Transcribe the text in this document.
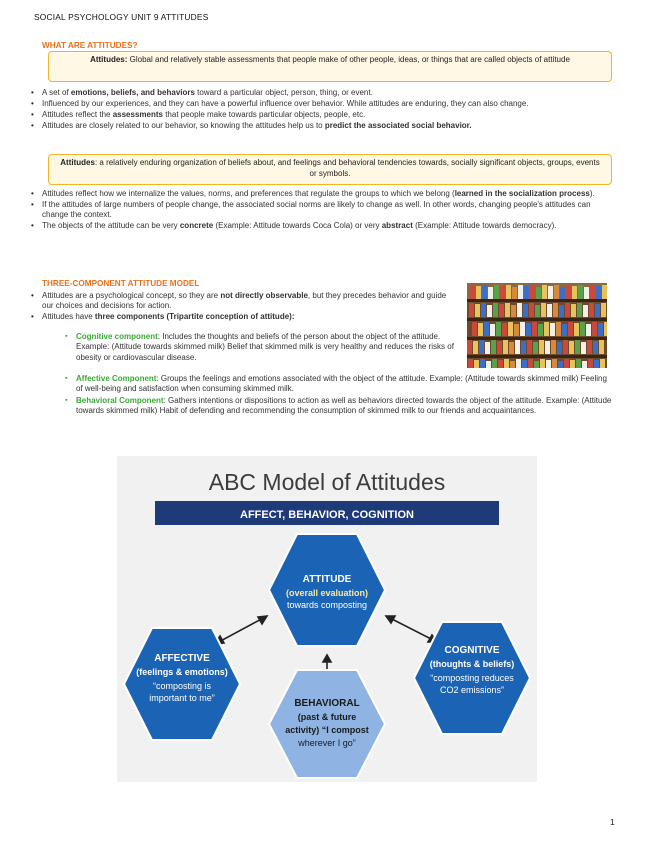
SOCIAL PSYCHOLOGY UNIT 9 ATTITUDES
WHAT ARE ATTITUDES?
Attitudes: Global and relatively stable assessments that people make of other people, ideas, or things that are called objects of attitude
• A set of emotions, beliefs, and behaviors toward a particular object, person, thing, or event.
• Influenced by our experiences, and they can have a powerful influence over behavior. While attitudes are enduring, they can also change.
• Attitudes reflect the assessments that people make towards particular objects, people, etc.
• Attitudes are closely related to our behavior, so knowing the attitudes help us to predict the associated social behavior.
Attitudes: a relatively enduring organization of beliefs about, and feelings and behavioral tendencies towards, socially significant objects, groups, events or symbols.
• Attitudes reflect how we internalize the values, norms, and preferences that regulate the groups to which we belong (learned in the socialization process).
• If the attitudes of large numbers of people change, the associated social norms are likely to change as well. In other words, changing people's attitudes can change the context.
• The objects of the attitude can be very concrete (Example: Attitude towards Coca Cola) or very abstract (Example: Attitude towards democracy).
THREE-COMPONENT ATTITUDE MODEL
• Attitudes are a psychological concept, so they are not directly observable, but they precedes behavior and guide our choices and decisions for action.
• Attitudes have three components (Tripartite conception of attitude):
▪ Cognitive component: Includes the thoughts and beliefs of the person about the object of the attitude. Example: (Attitude towards skimmed milk) Belief that skimmed milk is very healthy and reduces the risks of obesity or cardiovascular disease.
▪ Affective Component: Groups the feelings and emotions associated with the object of the attitude. Example: (Attitude towards skimmed milk) Feeling of well-being and satisfaction when consuming skimmed milk.
▪ Behavioral Component: Gathers intentions or dispositions to action as well as behaviors directed towards the object of the attitude. Example: (Attitude towards skimmed milk) Habit of defending and recommending the consumption of skimmed milk to our friends and acquaintances.
ABC Model of Attitudes
AFFECT, BEHAVIOR, COGNITION
ATTITUDE
(overall evaluation)
towards composting
AFFECTIVE
(feelings & emotions)
“composting is
important to me”
COGNITIVE
(thoughts & beliefs)
“composting reduces
CO2 emissions”
BEHAVIORAL
(past & future
activity) “I compost
wherever I go”
1
